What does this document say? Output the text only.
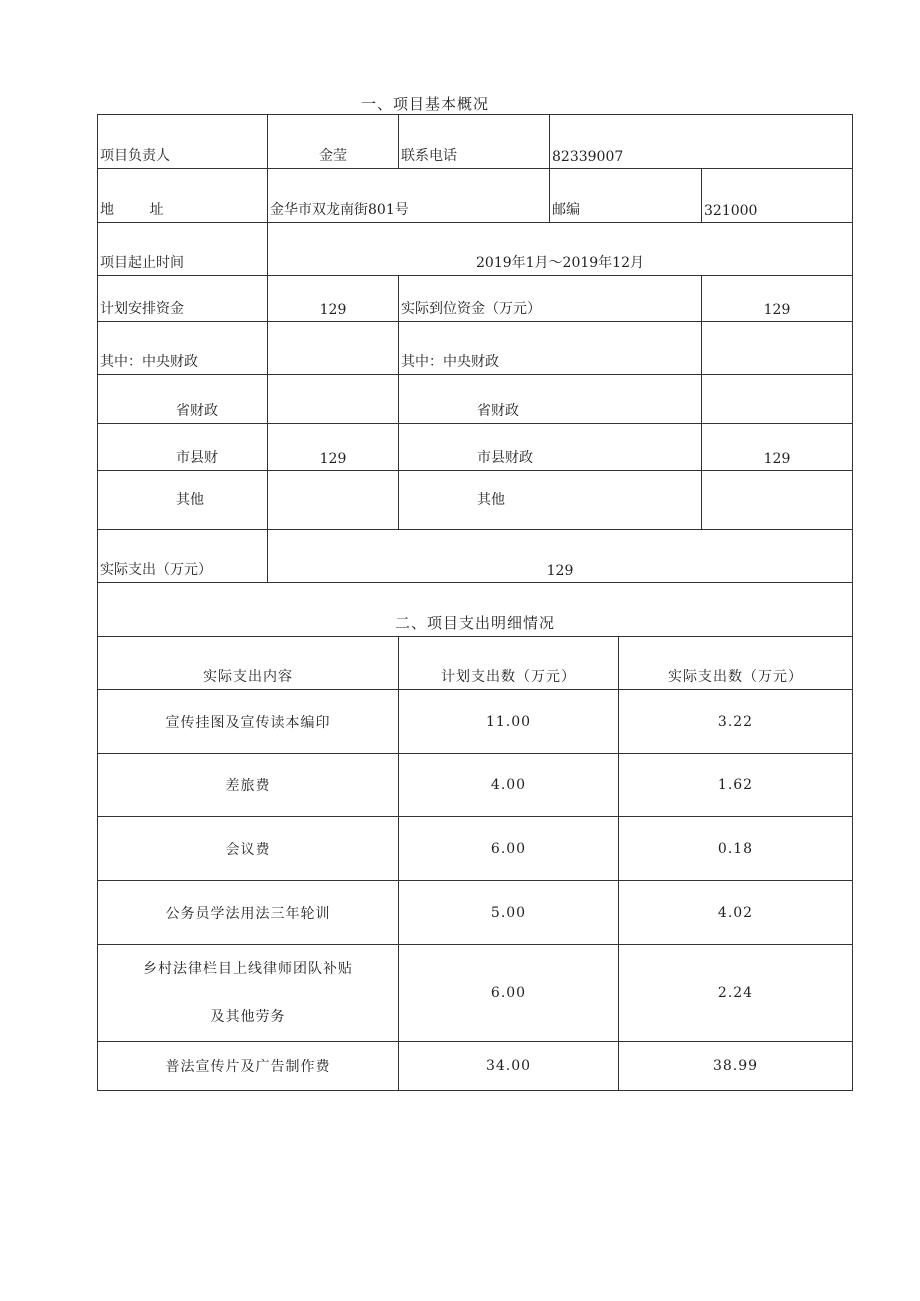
一、项目基本概况
项目负责人	金莹	联系电话	82339007		
地        址	金华市双龙南街801号		邮编		321000
项目起止时间	2019年1月～2019年12月				
计划安排资金	129	实际到位资金（万元）			129
其中：中央财政		其中：中央财政			
省财政		省财政			
市县财	129	市县财政			129
其他		其他			
实际支出（万元）	129				
二、项目支出明细情况					
实际支出内容		计划支出数（万元）		实际支出数（万元）	
宣传挂图及宣传读本编印		11.00		3.22	
差旅费		4.00		1.62	
会议费		6.00		0.18	
公务员学法用法三年轮训		5.00		4.02	

乡村法律栏目上线律师团队补贴
及其他劳务		6.00		2.24	
普法宣传片及广告制作费		34.00		38.99	
